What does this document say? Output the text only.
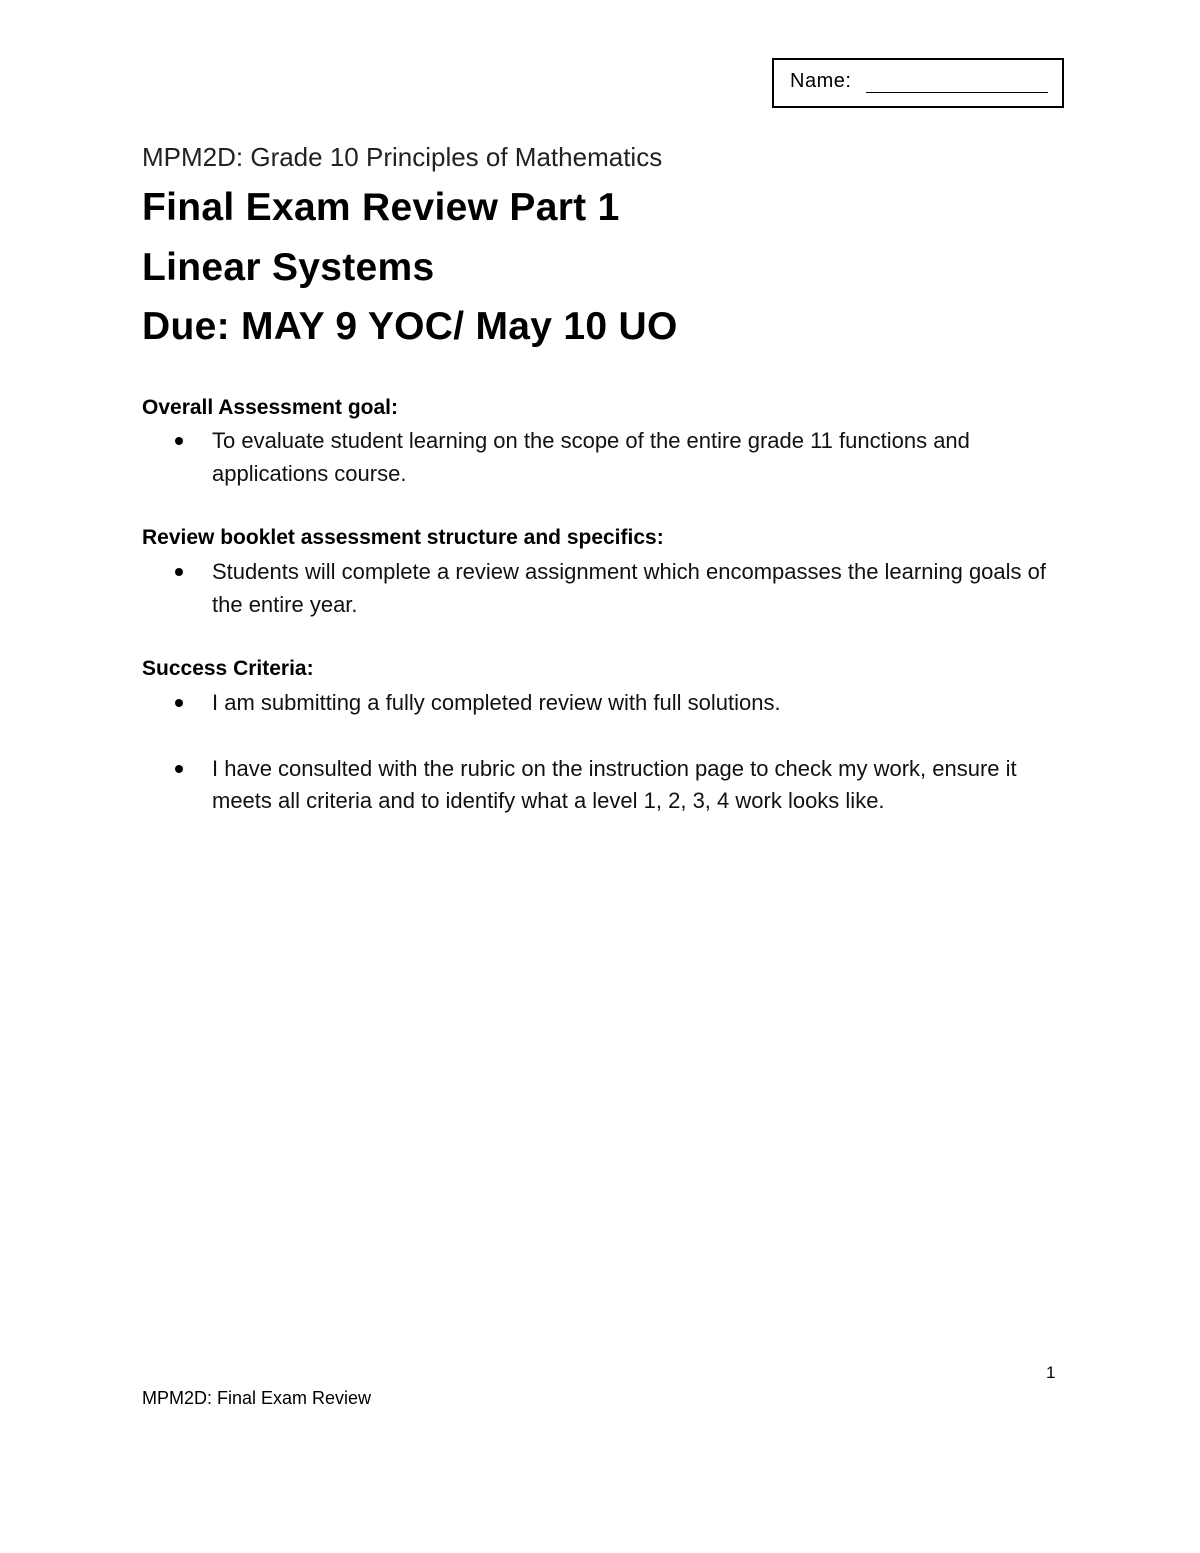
Name:
MPM2D: Grade 10 Principles of Mathematics
Final Exam Review Part 1
Linear Systems
Due: MAY 9 YOC/ May 10 UO
Overall Assessment goal:
To evaluate student learning on the scope of the entire grade 11 functions and applications course.
Review booklet assessment structure and specifics:
Students will complete a review assignment which encompasses the learning goals of the entire year.
Success Criteria:
I am submitting a fully completed review with full solutions.
I have consulted with the rubric on the instruction page to check my work, ensure it meets all criteria and to identify what a level 1, 2, 3, 4 work looks like.
1
MPM2D: Final Exam Review
